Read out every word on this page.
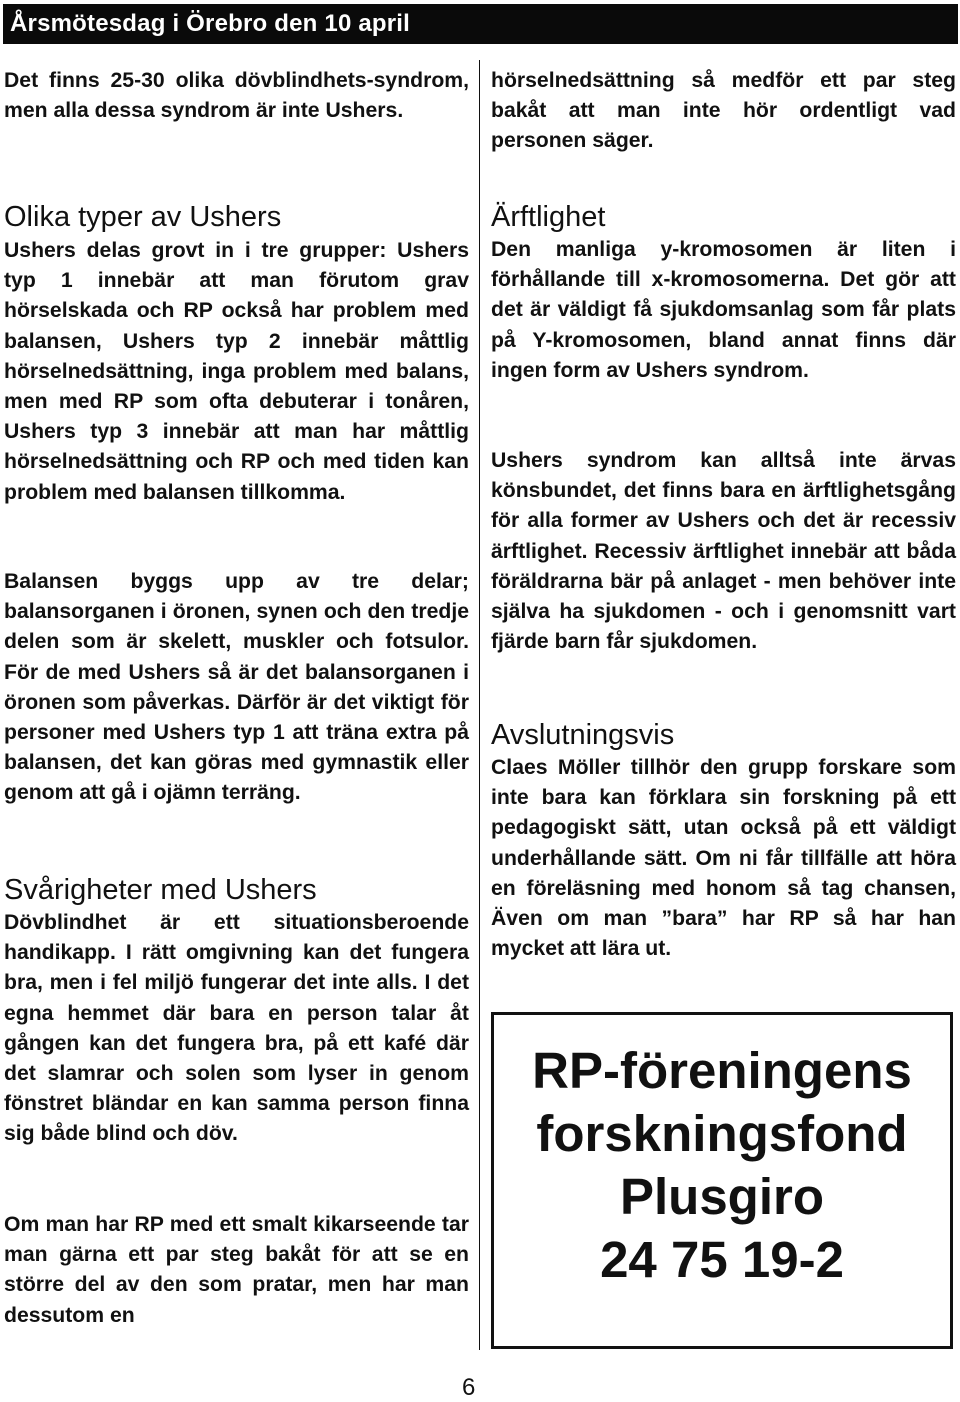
Årsmötesdag i Örebro den 10 april

Det finns 25-30 olika dövblindhets-syndrom, men alla dessa syndrom är inte Ushers.

Olika typer av Ushers

Ushers delas grovt in i tre grupper: Ushers typ 1 innebär att man förutom grav hörselskada och RP också har problem med balansen, Ushers typ 2 innebär måttlig hörselnedsättning, inga problem med balans, men med RP som ofta debuterar i tonåren, Ushers typ 3 innebär att man har måttlig hörselnedsättning och RP och med tiden kan problem med balansen tillkomma.

Balansen byggs upp av tre delar; balansorganen i öronen, synen och den tredje delen som är skelett, muskler och fotsulor. För de med Ushers så är det balansorganen i öronen som påverkas. Därför är det viktigt för personer med Ushers typ 1 att träna extra på balansen, det kan göras med gymnastik eller genom att gå i ojämn terräng.

Svårigheter med Ushers

Dövblindhet är ett situationsberoende handikapp. I rätt omgivning kan det fungera bra, men i fel miljö fungerar det inte alls. I det egna hemmet där bara en person talar åt gången kan det fungera bra, på ett kafé där det slamrar och solen som lyser in genom fönstret bländar en kan samma person finna sig både blind och döv.

Om man har RP med ett smalt kikarseende tar man gärna ett par steg bakåt för att se en större del av den som pratar, men har man dessutom en

hörselnedsättning så medför ett par steg bakåt att man inte hör ordentligt vad personen säger.

Ärftlighet

Den manliga y-kromosomen är liten i förhållande till x-kromosomerna. Det gör att det är väldigt få sjukdomsanlag som får plats på Y-kromosomen, bland annat finns där ingen form av Ushers syndrom.

Ushers syndrom kan alltså inte ärvas könsbundet, det finns bara en ärftlighetsgång för alla former av Ushers och det är recessiv ärftlighet. Recessiv ärftlighet innebär att båda föräldrarna bär på anlaget - men behöver inte själva ha sjukdomen - och i genomsnitt vart fjärde barn får sjukdomen.

Avslutningsvis

Claes Möller tillhör den grupp forskare som inte bara kan förklara sin forskning på ett pedagogiskt sätt, utan också på ett väldigt underhållande sätt. Om ni får tillfälle att höra en föreläsning med honom så tag chansen, Även om man ”bara” har RP så har han mycket att lära ut.

RP-föreningens
forskningsfond
Plusgiro
24 75 19-2
6
